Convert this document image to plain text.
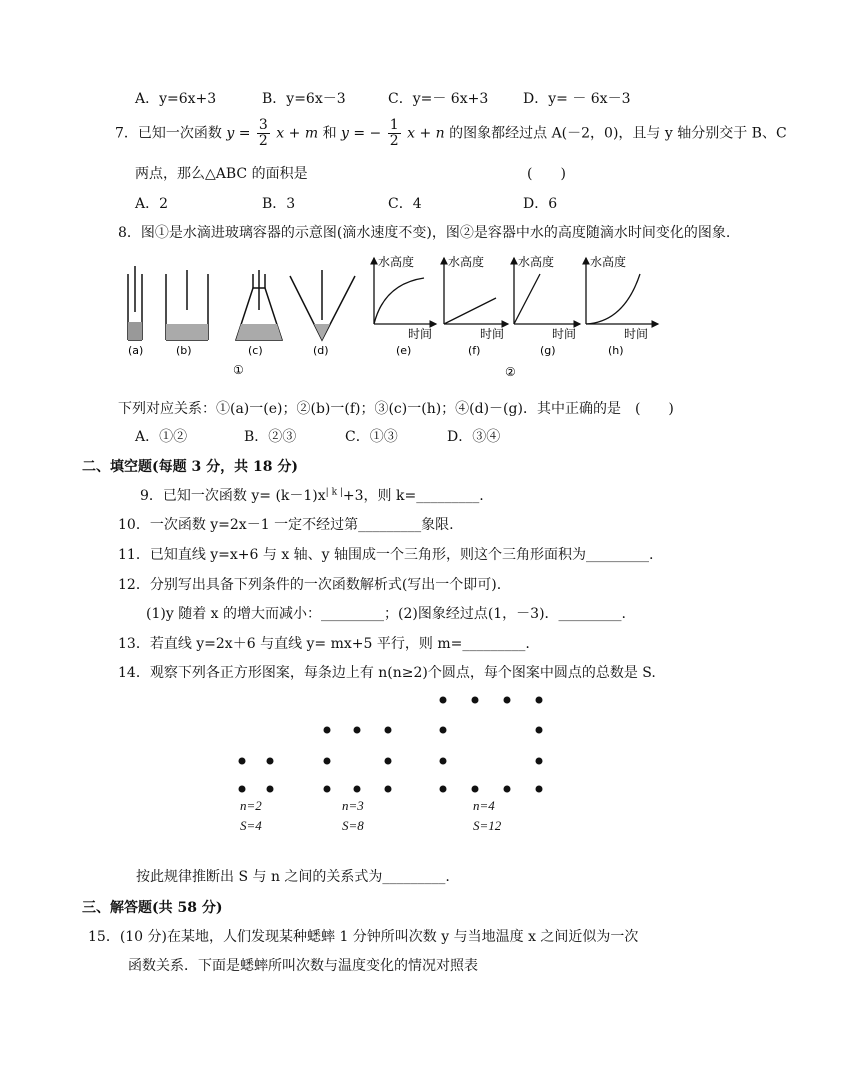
A．y=6x+3	B．y=6x－3	C．y=－ 6x+3 D．y= － 6x－3
7．已知一次函数 $y = \frac{3}{2}$ x + m 和 y = − $\frac{1}{2}$ x + n 的图象都经过点 A(－2，0)，且与 y 轴分别交于 B、C
两点，那么△ABC 的面积是	(　　)
A．2	B．3	C．4	D．6
8．图①是水滴进玻璃容器的示意图(滴水速度不变)，图②是容器中水的高度随滴水时间变化的图象.
(a)	(b)	(c)	(d)
①
水高度
时间
(e)
水高度
时间
(f)
水高度
时间
(g)
水高度
时间
(h)
②
下列对应关系：①(a)一(e)；②(b)一(f)；③(c)一(h)；④(d)－(g)．其中正确的是　(　　)
A．①②	B．②③	C．①③	D．③④
二、填空题(每题 3 分，共 18 分)
9．已知一次函数 $y= (k-1)x^{| k |}+3$，则 k=_________.
10．一次函数 y=2x－1 一定不经过第_________象限.
11．已知直线 y=x+6 与 x 轴、y 轴围成一个三角形，则这个三角形面积为_________.
12．分别写出具备下列条件的一次函数解析式(写出一个即可).
(1)y 随着 x 的增大而减小：_________；(2)图象经过点(1，－3)．_________.
13．若直线 y=2x＋6 与直线 y= mx+5 平行，则 m=_________.
14．观察下列各正方形图案，每条边上有 n(n≥2)个圆点，每个图案中圆点的总数是 S.
n=2
S=4
n=3
S=8
n=4
S=12
按此规律推断出 S 与 n 之间的关系式为_________.
三、解答题(共 58 分)
15．(10 分)在某地，人们发现某种蟋蟀 1 分钟所叫次数 y 与当地温度 x 之间近似为一次
函数关系．下面是蟋蟀所叫次数与温度变化的情况对照表
